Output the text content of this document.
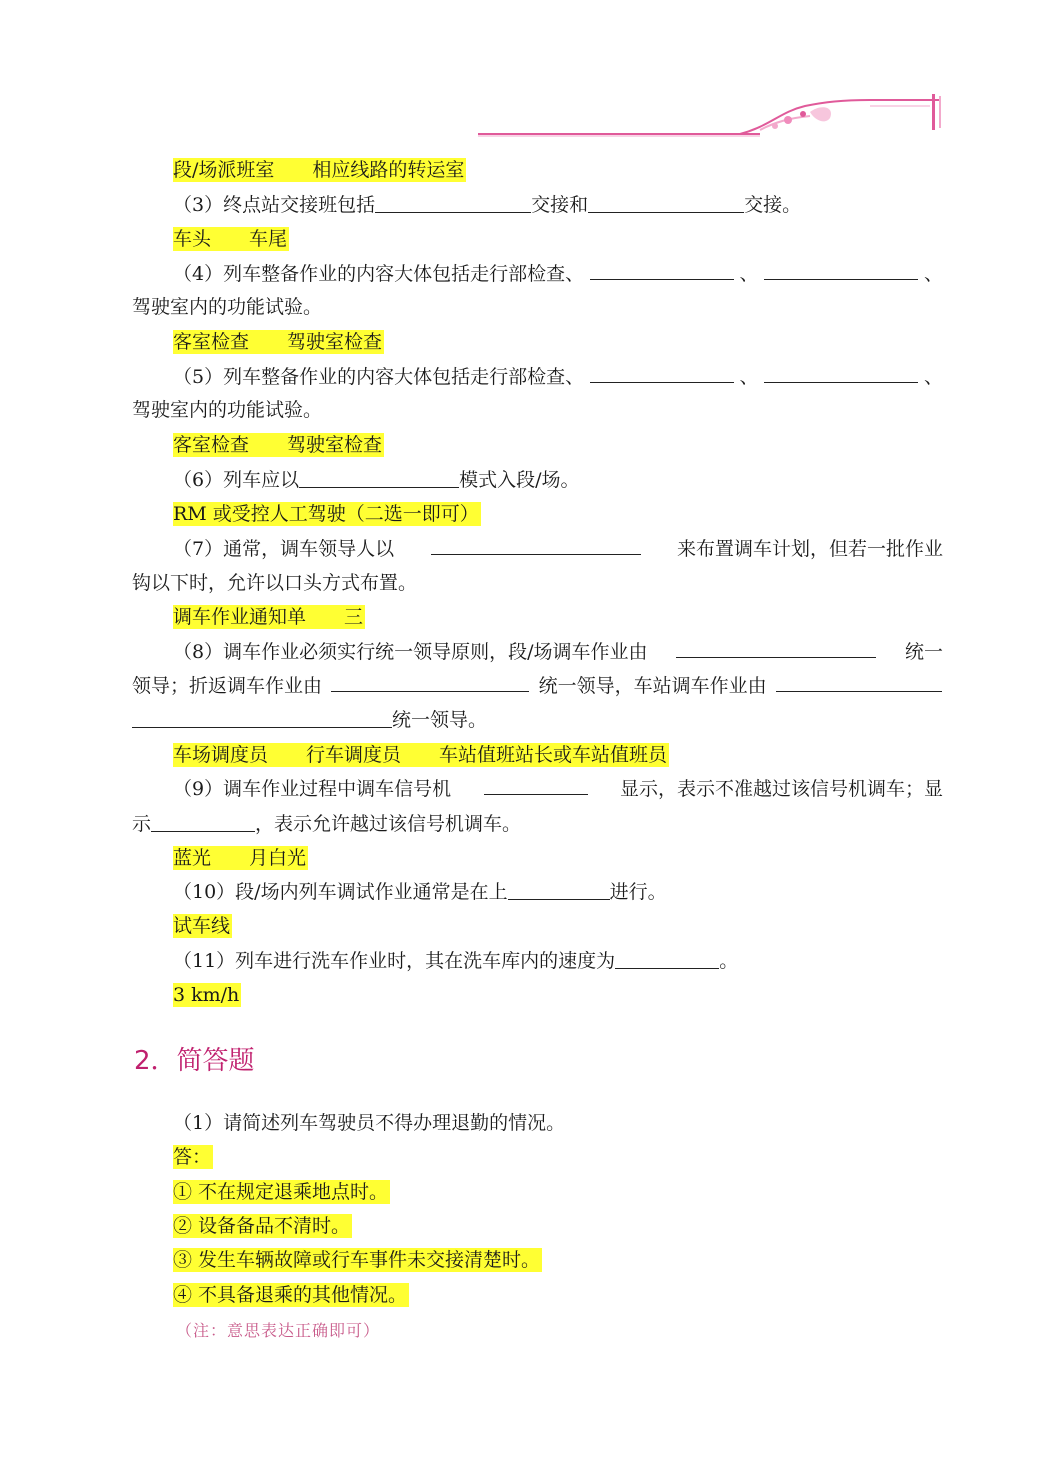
段/场派班室　　相应线路的转运室
（3）终点站交接班包括	交接和	交接。
车头　　车尾
（4）列车整备作业的内容大体包括走行部检查、	、	、
驾驶室内的功能试验。
客室检查　　驾驶室检查
（5）列车整备作业的内容大体包括走行部检查、	、	、
驾驶室内的功能试验。
客室检查　　驾驶室检查
（6）列车应以	模式入段/场。
RM 或受控人工驾驶（二选一即可）
（7）通常，调车领导人以	来布置调车计划，但若一批作业
钩以下时，允许以口头方式布置。
调车作业通知单　　三
（8）调车作业必须实行统一领导原则，段/场调车作业由	统一
领导；折返调车作业由	统一领导，车站调车作业由
统一领导。
车场调度员　　行车调度员　　车站值班站长或车站值班员
（9）调车作业过程中调车信号机	显示，表示不准越过该信号机调车；显
示	，表示允许越过该信号机调车。
蓝光　　月白光
（10）段/场内列车调试作业通常是在上	进行。
试车线
（11）列车进行洗车作业时，其在洗车库内的速度为	。
3 km/h
2．简答题
（1）请简述列车驾驶员不得办理退勤的情况。
答：
① 不在规定退乘地点时。
② 设备备品不清时。
③ 发生车辆故障或行车事件未交接清楚时。
④ 不具备退乘的其他情况。
（注：意思表达正确即可）
